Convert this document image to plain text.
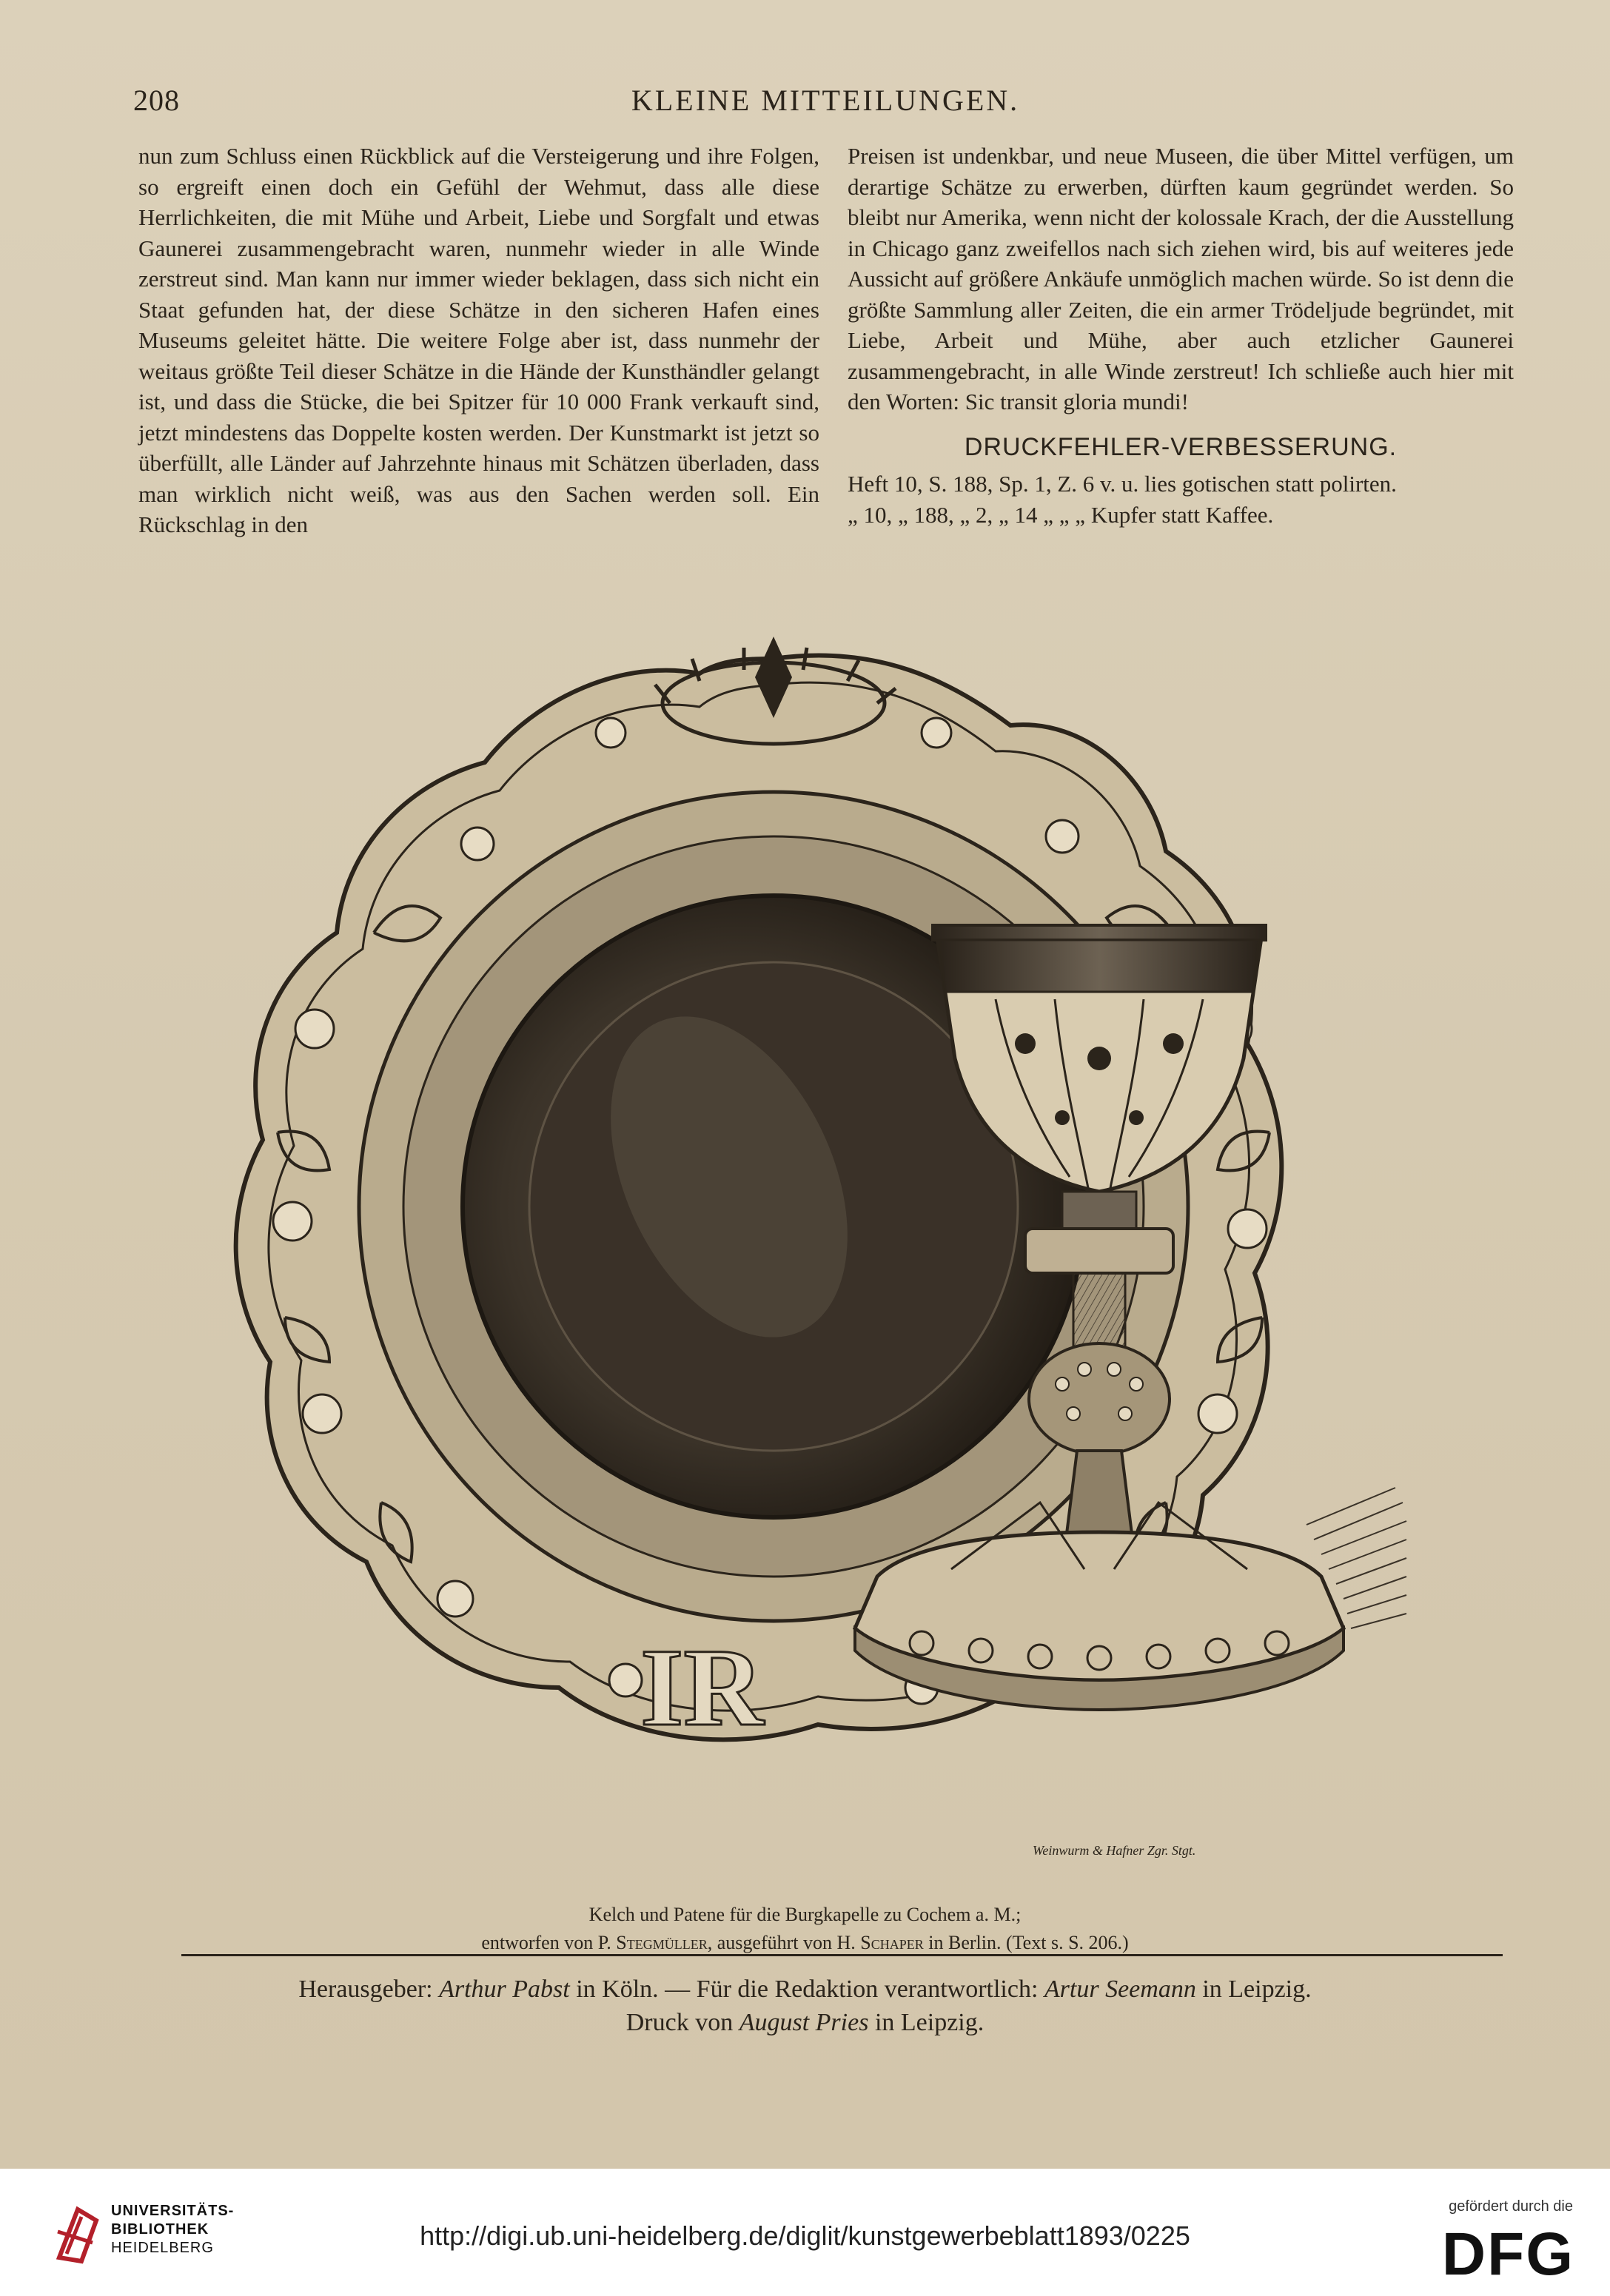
208	KLEINE MITTEILUNGEN.

nun zum Schluss einen Rückblick auf die Versteigerung und ihre Folgen, so ergreift einen doch ein Gefühl der Wehmut, dass alle diese Herrlichkeiten, die mit Mühe und Arbeit, Liebe und Sorgfalt und etwas Gaunerei zusammengebracht waren, nunmehr wieder in alle Winde zerstreut sind. Man kann nur immer wieder beklagen, dass sich nicht ein Staat gefunden hat, der diese Schätze in den sicheren Hafen eines Museums geleitet hätte. Die weitere Folge aber ist, dass nunmehr der weitaus größte Teil dieser Schätze in die Hände der Kunsthändler gelangt ist, und dass die Stücke, die bei Spitzer für 10 000 Frank verkauft sind, jetzt mindestens das Doppelte kosten werden. Der Kunstmarkt ist jetzt so überfüllt, alle Länder auf Jahrzehnte hinaus mit Schätzen überladen, dass man wirklich nicht weiß, was aus den Sachen werden soll. Ein Rückschlag in den

Preisen ist undenkbar, und neue Museen, die über Mittel verfügen, um derartige Schätze zu erwerben, dürften kaum gegründet werden. So bleibt nur Amerika, wenn nicht der kolossale Krach, der die Ausstellung in Chicago ganz zweifellos nach sich ziehen wird, bis auf weiteres jede Aussicht auf größere Ankäufe unmöglich machen würde. So ist denn die größte Sammlung aller Zeiten, die ein armer Trödeljude begründet, mit Liebe, Arbeit und Mühe, aber auch etzlicher Gaunerei zusammengebracht, in alle Winde zerstreut! Ich schließe auch hier mit den Worten: Sic transit gloria mundi!

DRUCKFEHLER-VERBESSERUNG.
Heft 10, S. 188, Sp. 1, Z. 6 v. u. lies gotischen statt polirten.
„ 10, „ 188, „ 2, „ 14 „ „ „ Kupfer statt Kaffee.
IR
Weinwurm & Hafner Zgr. Stgt.
Kelch und Patene für die Burgkapelle zu Cochem a. M.;
entworfen von P. Stegmüller, ausgeführt von H. Schaper in Berlin. (Text s. S. 206.)
Herausgeber: Arthur Pabst in Köln. — Für die Redaktion verantwortlich: Artur Seemann in Leipzig.
Druck von August Pries in Leipzig.
UNIVERSITÄTS-
BIBLIOTHEK
HEIDELBERG	http://digi.ub.uni-heidelberg.de/diglit/kunstgewerbeblatt1893/0225
gefördert durch die
DFG
